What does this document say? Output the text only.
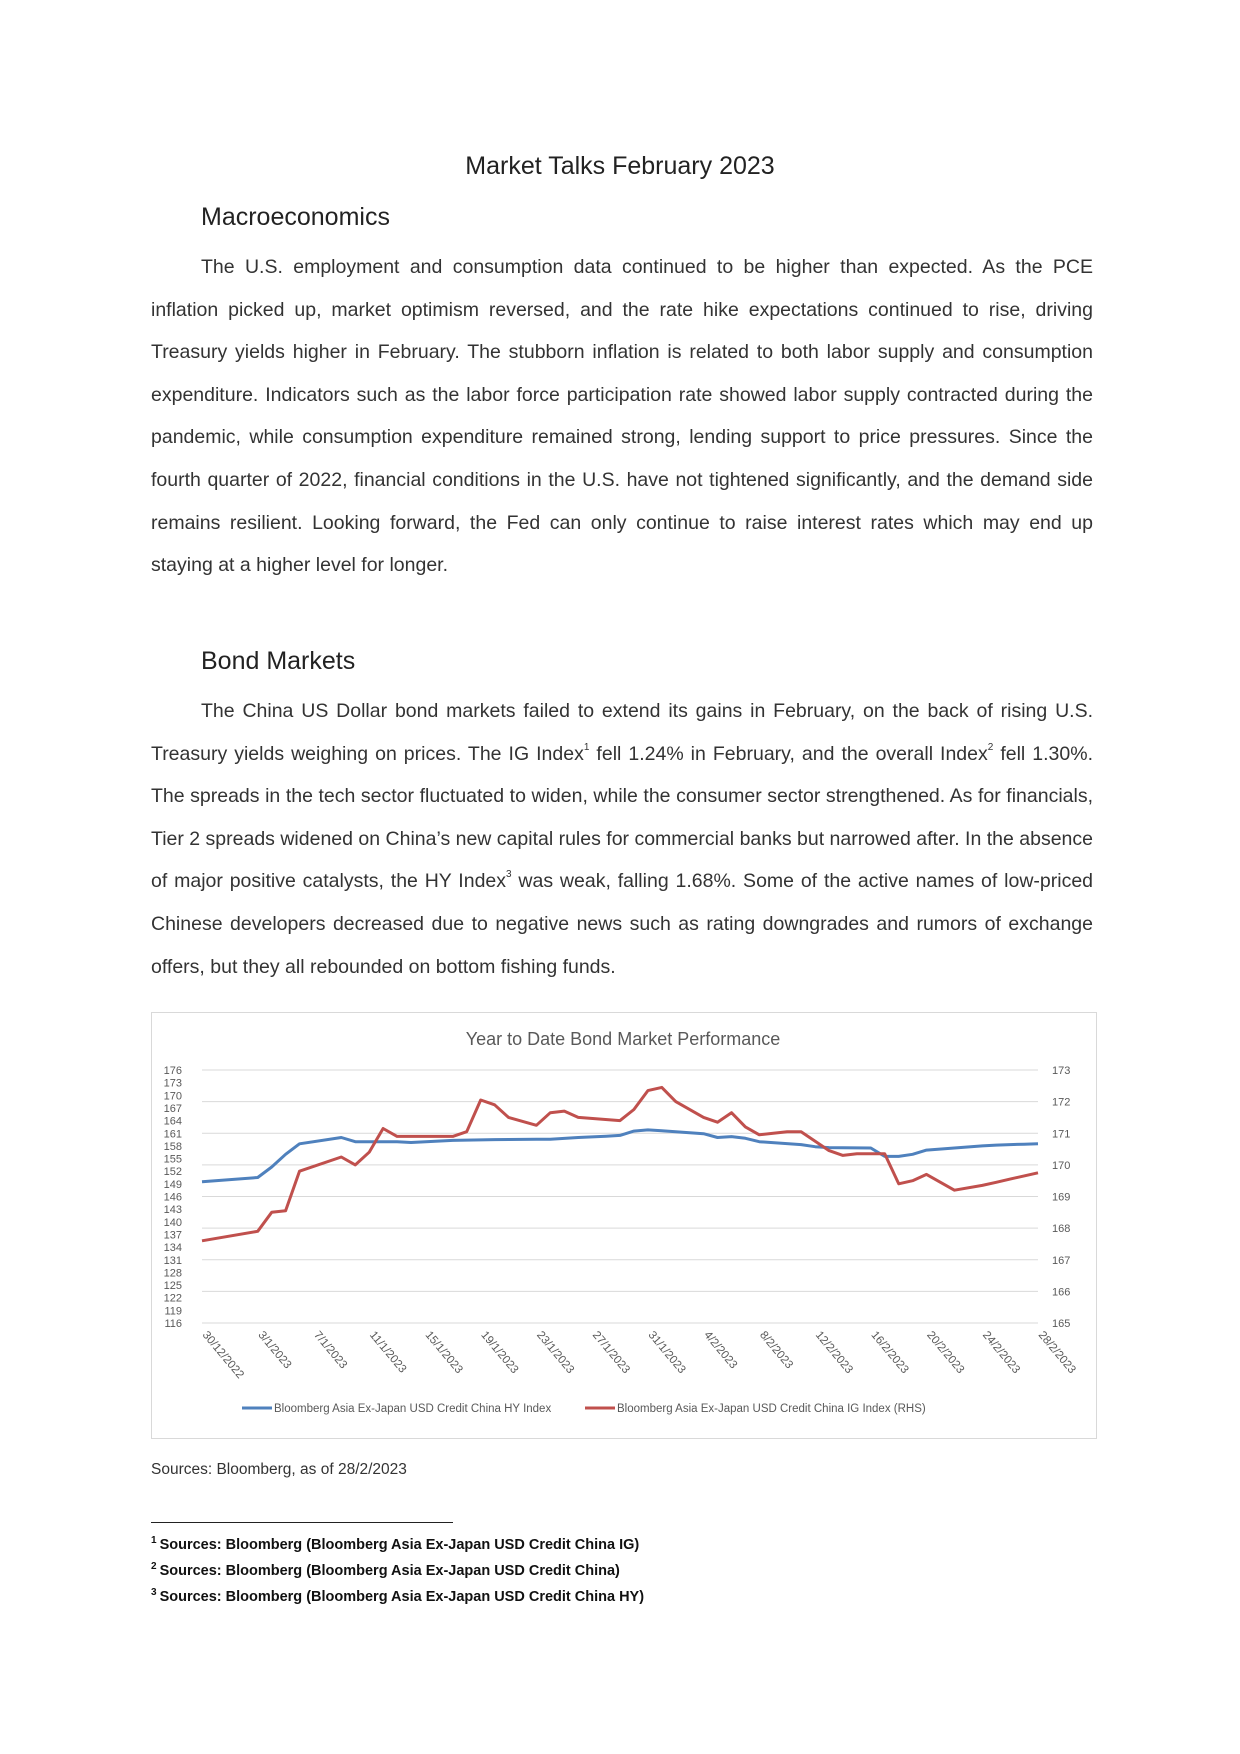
Market Talks February 2023
Macroeconomics

The U.S. employment and consumption data continued to be higher than expected. As the PCE inflation picked up, market optimism reversed, and the rate hike expectations continued to rise, driving Treasury yields higher in February. The stubborn inflation is related to both labor supply and consumption expenditure. Indicators such as the labor force participation rate showed labor supply contracted during the pandemic, while consumption expenditure remained strong, lending support to price pressures. Since the fourth quarter of 2022, financial conditions in the U.S. have not tightened significantly, and the demand side remains resilient. Looking forward, the Fed can only continue to raise interest rates which may end up staying at a higher level for longer.

Bond Markets

The China US Dollar bond markets failed to extend its gains in February, on the back of rising U.S. Treasury yields weighing on prices. The IG Index$^1$ fell 1.24% in February, and the overall Index$^2$ fell 1.30%. The spreads in the tech sector fluctuated to widen, while the consumer sector strengthened. As for financials, Tier 2 spreads widened on China’s new capital rules for commercial banks but narrowed after. In the absence of major positive catalysts, the HY Index$^3$ was weak, falling 1.68%. Some of the active names of low-priced Chinese developers decreased due to negative news such as rating downgrades and rumors of exchange offers, but they all rebounded on bottom fishing funds.

Year to Date Bond Market Performance
116
119
122
125
128
131
134
137
140
143
146
149
152
155
158
161
164
167
170
173
176
165
166
167
168
169
170
171
172
173
30/12/2022 3/1/2023 7/1/2023 11/1/2023 15/1/2023 19/1/2023 23/1/2023 27/1/2023 31/1/2023 4/2/2023 8/2/2023 12/2/2023 16/2/2023 20/2/2023 24/2/2023 28/2/2023
Bloomberg Asia Ex-Japan USD Credit China HY Index	Bloomberg Asia Ex-Japan USD Credit China IG Index (RHS)
Sources: Bloomberg, as of 28/2/2023
$^1$ Sources: Bloomberg (Bloomberg Asia Ex-Japan USD Credit China IG)
$^2$ Sources: Bloomberg (Bloomberg Asia Ex-Japan USD Credit China)
$^3$ Sources: Bloomberg (Bloomberg Asia Ex-Japan USD Credit China HY)
